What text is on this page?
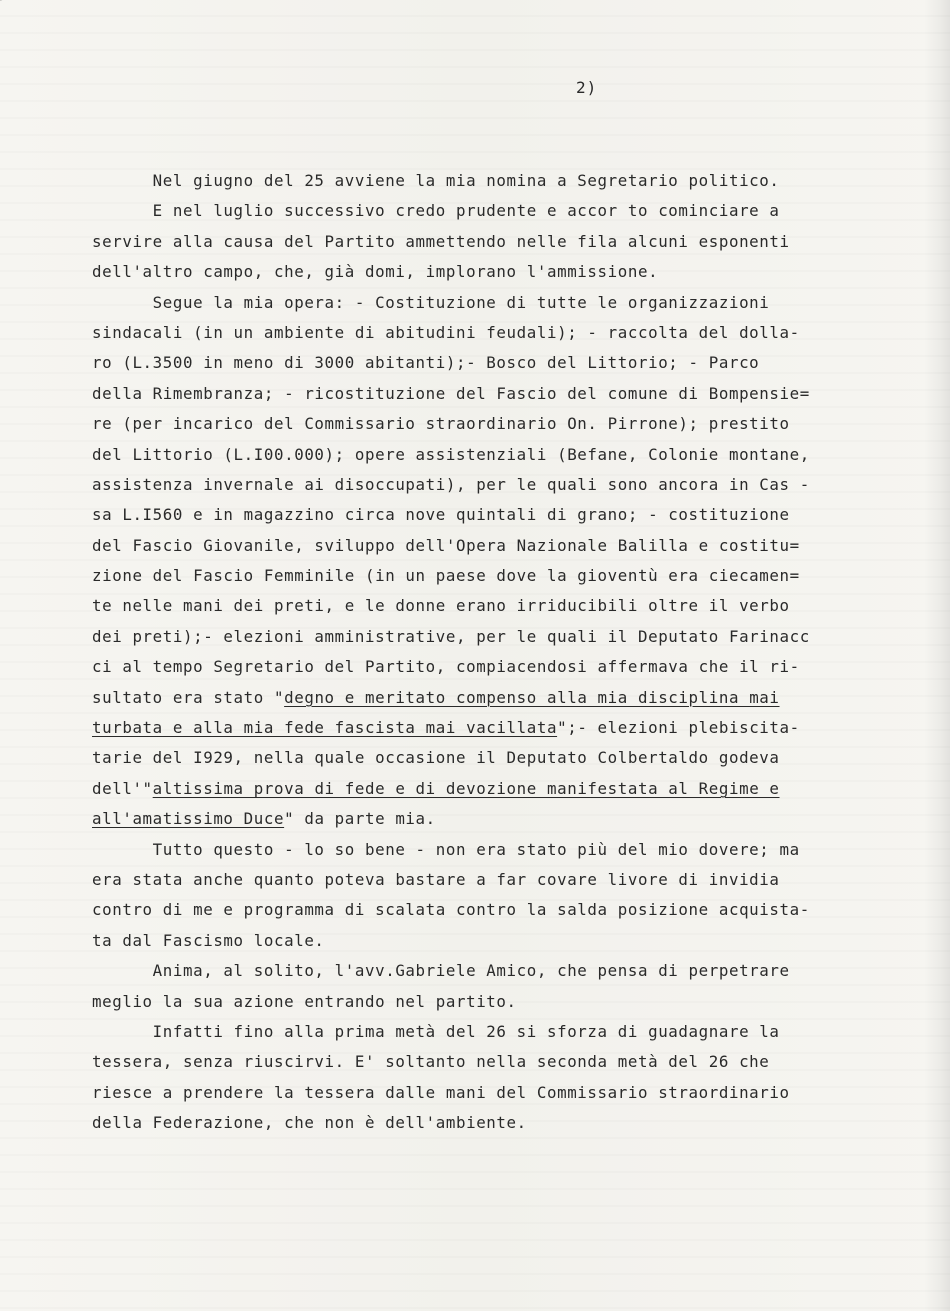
2)
Nel giugno del 25 avviene la mia nomina a Segretario politico.
E nel luglio successivo credo prudente e accor to cominciare a
servire alla causa del Partito ammettendo nelle fila alcuni esponenti
dell'altro campo, che, già domi, implorano l'ammissione.
Segue la mia opera: - Costituzione di tutte le organizzazioni
sindacali (in un ambiente di abitudini feudali); - raccolta del dolla-
ro (L.3500 in meno di 3000 abitanti);- Bosco del Littorio; - Parco
della Rimembranza; - ricostituzione del Fascio del comune di Bompensie=
re (per incarico del Commissario straordinario On. Pirrone); prestito
del Littorio (L.I00.000); opere assistenziali (Befane, Colonie montane,
assistenza invernale ai disoccupati), per le quali sono ancora in Cas -
sa L.I560 e in magazzino circa nove quintali di grano; - costituzione
del Fascio Giovanile, sviluppo dell'Opera Nazionale Balilla e costitu=
zione del Fascio Femminile (in un paese dove la gioventù era ciecamen=
te nelle mani dei preti, e le donne erano irriducibili oltre il verbo
dei preti);- elezioni amministrative, per le quali il Deputato Farinacc
ci al tempo Segretario del Partito, compiacendosi affermava che il ri-
sultato era stato "degno e meritato compenso alla mia disciplina mai
turbata e alla mia fede fascista mai vacillata";- elezioni plebiscita-
tarie del I929, nella quale occasione il Deputato Colbertaldo godeva
dell'"altissima prova di fede e di devozione manifestata al Regime e
all'amatissimo Duce" da parte mia.
Tutto questo - lo so bene - non era stato più del mio dovere; ma
era stata anche quanto poteva bastare a far covare livore di invidia
contro di me e programma di scalata contro la salda posizione acquista-
ta dal Fascismo locale.
Anima, al solito, l'avv.Gabriele Amico, che pensa di perpetrare
meglio la sua azione entrando nel partito.
Infatti fino alla prima metà del 26 si sforza di guadagnare la
tessera, senza riuscirvi. E' soltanto nella seconda metà del 26 che
riesce a prendere la tessera dalle mani del Commissario straordinario
della Federazione, che non è dell'ambiente.
